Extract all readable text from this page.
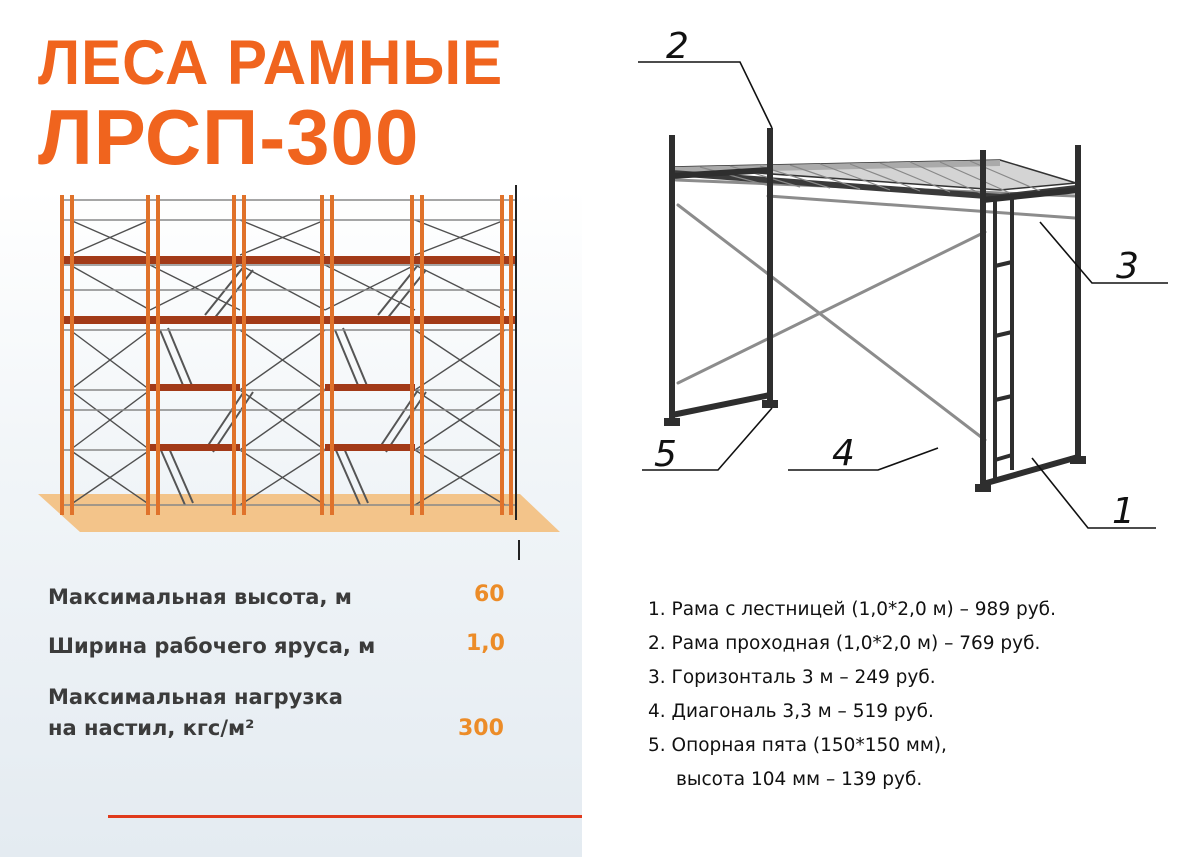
ЛЕСА РАМНЫЕ
ЛРСП-300
Максимальная высота, м	60
Ширина рабочего яруса, м	1,0
Максимальная нагрузка
на настил, кгс/м²	300
2
3
4
5
1
1. Рама с лестницей (1,0*2,0 м) – 989 руб.
2. Рама проходная (1,0*2,0 м) – 769 руб.
3. Горизонталь 3 м – 249 руб.
4. Диагональ 3,3 м – 519 руб.
5. Опорная пята (150*150 мм),
высота 104 мм – 139 руб.
